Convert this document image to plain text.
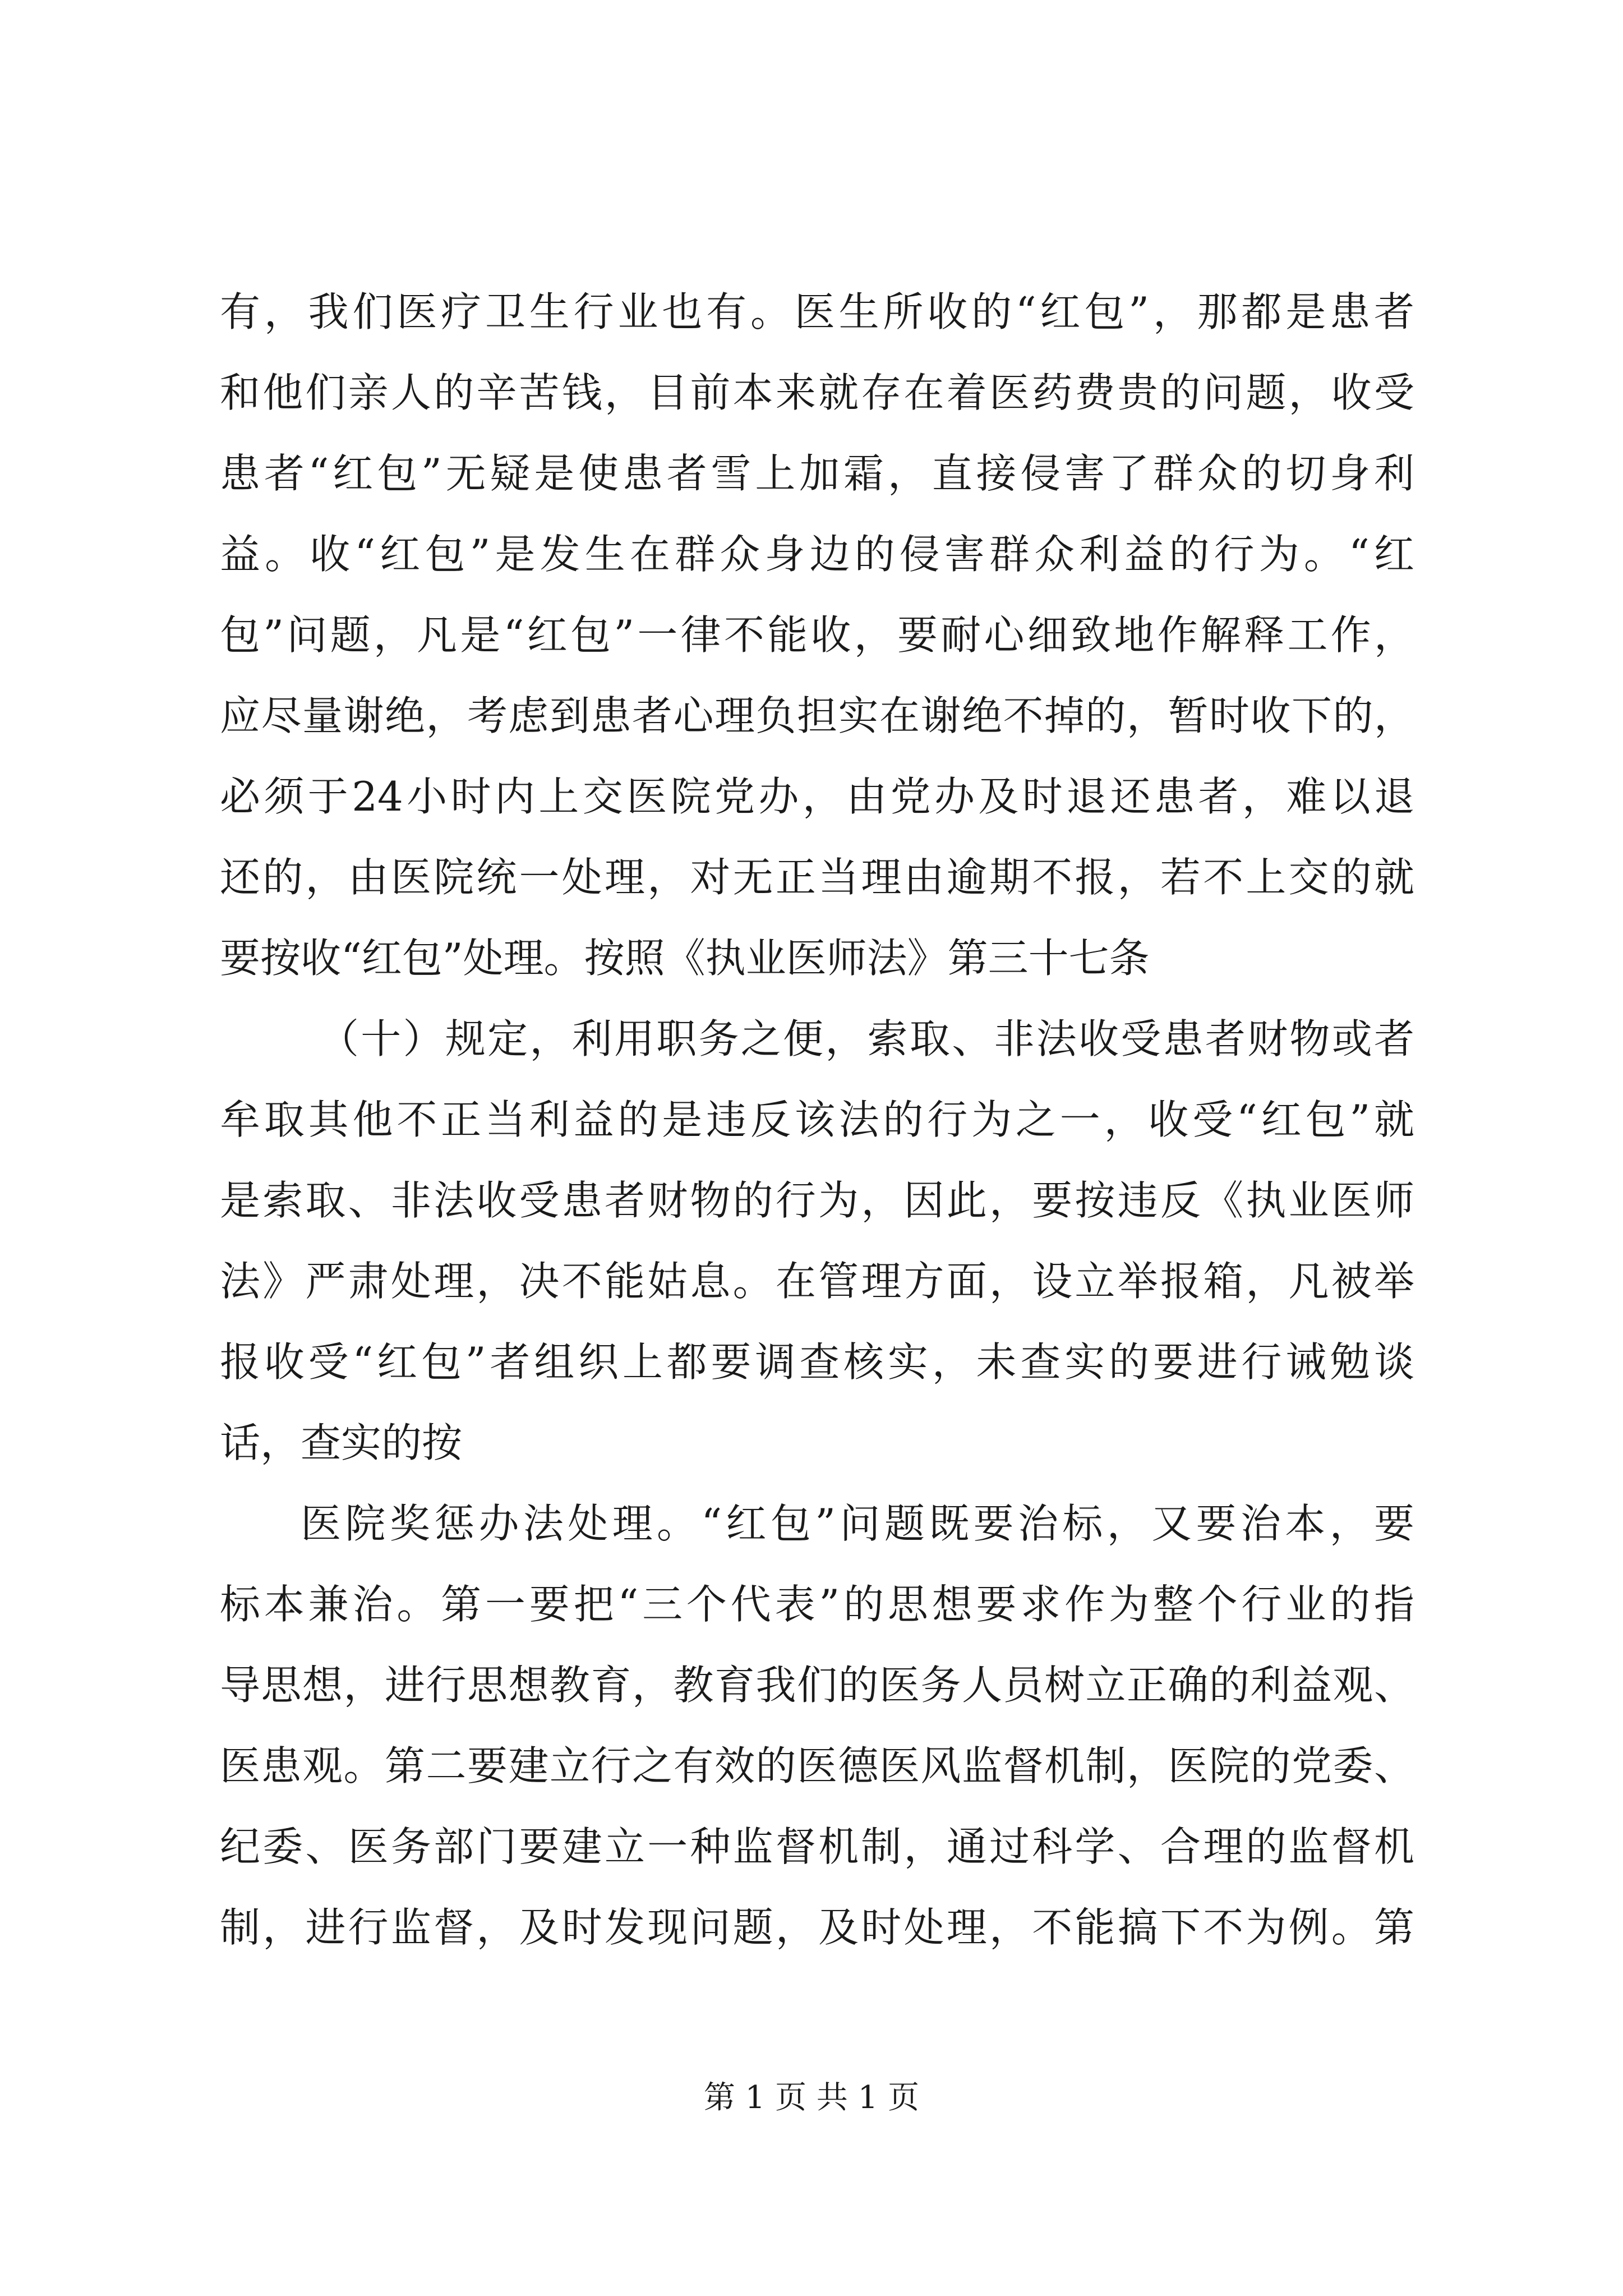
有，我们医疗卫生行业也有。医生所收的“红包”，那都是患者
和他们亲人的辛苦钱，目前本来就存在着医药费贵的问题，收受
患者“红包”无疑是使患者雪上加霜，直接侵害了群众的切身利
益。收“红包”是发生在群众身边的侵害群众利益的行为。“红
包”问题，凡是“红包”一律不能收，要耐心细致地作解释工作，
应尽量谢绝，考虑到患者心理负担实在谢绝不掉的，暂时收下的，
必须于24小时内上交医院党办，由党办及时退还患者，难以退
还的，由医院统一处理，对无正当理由逾期不报，若不上交的就
要按收“红包”处理。按照《执业医师法》第三十七条
（十）规定，利用职务之便，索取、非法收受患者财物或者
牟取其他不正当利益的是违反该法的行为之一，收受“红包”就
是索取、非法收受患者财物的行为，因此，要按违反《执业医师
法》严肃处理，决不能姑息。在管理方面，设立举报箱，凡被举
报收受“红包”者组织上都要调查核实，未查实的要进行诫勉谈
话，查实的按
医院奖惩办法处理。“红包”问题既要治标，又要治本，要
标本兼治。第一要把“三个代表”的思想要求作为整个行业的指
导思想，进行思想教育，教育我们的医务人员树立正确的利益观、
医患观。第二要建立行之有效的医德医风监督机制，医院的党委、
纪委、医务部门要建立一种监督机制，通过科学、合理的监督机
制，进行监督，及时发现问题，及时处理，不能搞下不为例。第
第 1 页 共 1 页
